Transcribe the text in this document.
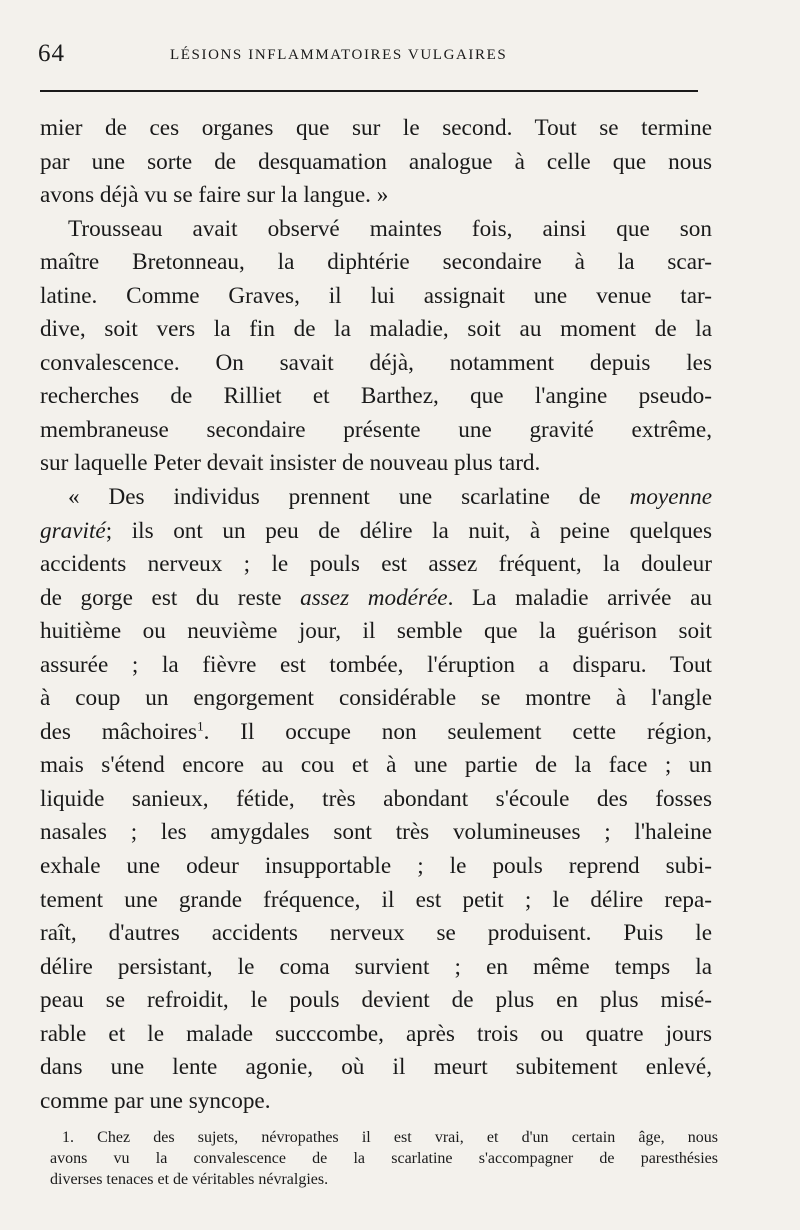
64	LÉSIONS INFLAMMATOIRES VULGAIRES
mier de ces organes que sur le second. Tout se termine
par une sorte de desquamation analogue à celle que nous
avons déjà vu se faire sur la langue. »
Trousseau avait observé maintes fois, ainsi que son
maître Bretonneau, la diphtérie secondaire à la scar-
latine. Comme Graves, il lui assignait une venue tar-
dive, soit vers la fin de la maladie, soit au moment de la
convalescence. On savait déjà, notamment depuis les
recherches de Rilliet et Barthez, que l'angine pseudo-
membraneuse secondaire présente une gravité extrême,
sur laquelle Peter devait insister de nouveau plus tard.
« Des individus prennent une scarlatine de moyenne
gravité; ils ont un peu de délire la nuit, à peine quelques
accidents nerveux ; le pouls est assez fréquent, la douleur
de gorge est du reste assez modérée. La maladie arrivée au
huitième ou neuvième jour, il semble que la guérison soit
assurée ; la fièvre est tombée, l'éruption a disparu. Tout
à coup un engorgement considérable se montre à l'angle
des mâchoires$^1$. Il occupe non seulement cette région,
mais s'étend encore au cou et à une partie de la face ; un
liquide sanieux, fétide, très abondant s'écoule des fosses
nasales ; les amygdales sont très volumineuses ; l'haleine
exhale une odeur insupportable ; le pouls reprend subi-
tement une grande fréquence, il est petit ; le délire repa-
raît, d'autres accidents nerveux se produisent. Puis le
délire persistant, le coma survient ; en même temps la
peau se refroidit, le pouls devient de plus en plus misé-
rable et le malade succcombe, après trois ou quatre jours
dans une lente agonie, où il meurt subitement enlevé,
comme par une syncope.
1. Chez des sujets, névropathes il est vrai, et d'un certain âge, nous
avons vu la convalescence de la scarlatine s'accompagner de paresthésies
diverses tenaces et de véritables névralgies.
